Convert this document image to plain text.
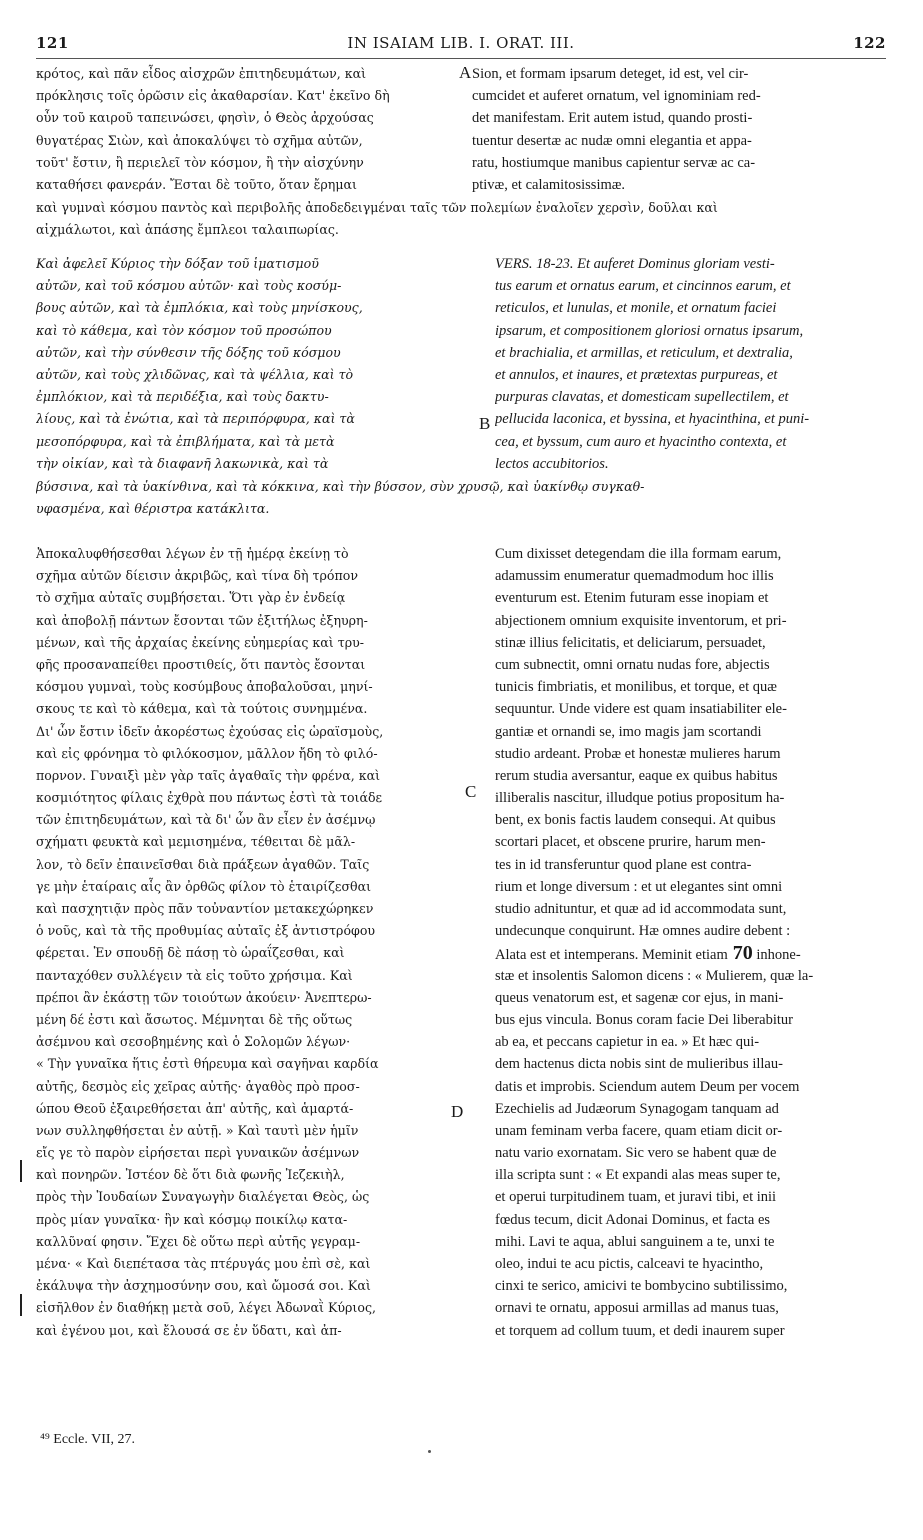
121	IN ISAIAM LIB. I. ORAT. III.	122
κρότος, καὶ πᾶν εἶδος αἰσχρῶν ἐπιτηδευμάτων, καὶ
πρόκλησις τοῖς ὁρῶσιν εἰς ἀκαθαρσίαν. Κατ' ἐκεῖνο δὴ
οὖν τοῦ καιροῦ ταπεινώσει, φησὶν, ὁ Θεὸς ἀρχούσας
θυγατέρας Σιὼν, καὶ ἀποκαλύψει τὸ σχῆμα αὐτῶν,
τοῦτ' ἔστιν, ἢ περιελεῖ τὸν κόσμον, ἢ τὴν αἰσχύνην
καταθήσει φανεράν. Ἔσται δὲ τοῦτο, ὅταν ἔρημαι
Sion, et formam ipsarum deteget, id est, vel cir-
cumcidet et auferet ornatum, vel ignominiam red-
det manifestam. Erit autem istud, quando prosti-
tuentur desertæ ac nudæ omni elegantia et appa-
ratu, hostiumque manibus capientur servæ ac ca-
ptivæ, et calamitosissimæ.
καὶ γυμναὶ κόσμου παντὸς καὶ περιβολῆς ἀποδεδειγμέναι ταῖς τῶν πολεμίων ἐναλοῖεν χερσὶν, δοῦλαι καὶ
αἰχμάλωτοι, καὶ ἁπάσης ἔμπλεοι ταλαιπωρίας.
Καὶ ἀφελεῖ Κύριος τὴν δόξαν τοῦ ἱματισμοῦ
αὐτῶν, καὶ τοῦ κόσμου αὐτῶν· καὶ τοὺς κοσύμ-
βους αὐτῶν, καὶ τὰ ἐμπλόκια, καὶ τοὺς μηνίσκους,
καὶ τὸ κάθεμα, καὶ τὸν κόσμον τοῦ προσώπου
αὐτῶν, καὶ τὴν σύνθεσιν τῆς δόξης τοῦ κόσμου
αὐτῶν, καὶ τοὺς χλιδῶνας, καὶ τὰ ψέλλια, καὶ τὸ
ἐμπλόκιον, καὶ τὰ περιδέξια, καὶ τοὺς δακτυ-
λίους, καὶ τὰ ἐνώτια, καὶ τὰ περιπόρφυρα, καὶ τὰ
μεσοπόρφυρα, καὶ τὰ ἐπιβλήματα, καὶ τὰ μετὰ
τὴν οἰκίαν, καὶ τὰ διαφανῆ λακωνικὰ, καὶ τὰ
VERS. 18-23. Et auferet Dominus gloriam vesti-
tus earum et ornatus earum, et cincinnos earum, et
reticulos, et lunulas, et monile, et ornatum faciei
ipsarum, et compositionem gloriosi ornatus ipsarum,
et brachialia, et armillas, et reticulum, et dextralia,
et annulos, et inaures, et prætextas purpureas, et
purpuras clavatas, et domesticam supellectilem, et
pellucida laconica, et byssina, et hyacinthina, et puni-
cea, et byssum, cum auro et hyacintho contexta, et
lectos accubitorios.
βύσσινα, καὶ τὰ ὑακίνθινα, καὶ τὰ κόκκινα, καὶ τὴν βύσσον, σὺν χρυσῷ, καὶ ὑακίνθῳ συγκαθ-
υφασμένα, καὶ θέριστρα κατάκλιτα.
Ἀποκαλυφθήσεσθαι λέγων ἐν τῇ ἡμέρᾳ ἐκείνῃ τὸ
σχῆμα αὐτῶν δίεισιν ἀκριβῶς, καὶ τίνα δὴ τρόπον
τὸ σχῆμα αὐταῖς συμβήσεται. Ὅτι γὰρ ἐν ἐνδείᾳ
καὶ ἀποβολῇ πάντων ἔσονται τῶν ἐξιτήλως ἐξηυρη-
μένων, καὶ τῆς ἀρχαίας ἐκείνης εὐημερίας καὶ τρυ-
φῆς προσαναπείθει προστιθείς, ὅτι παντὸς ἔσονται
κόσμου γυμναὶ, τοὺς κοσύμβους ἀποβαλοῦσαι, μηνί-
σκους τε καὶ τὸ κάθεμα, καὶ τὰ τούτοις συνημμένα.
Δι' ὧν ἔστιν ἰδεῖν ἀκορέστως ἐχούσας εἰς ὡραϊσμοὺς,
καὶ εἰς φρόνημα τὸ φιλόκοσμον, μᾶλλον ἤδη τὸ φιλό-
πορνον. Γυναιξὶ μὲν γὰρ ταῖς ἀγαθαῖς τὴν φρένα, καὶ
κοσμιότητος φίλαις ἐχθρὰ που πάντως ἐστὶ τὰ τοιάδε
τῶν ἐπιτηδευμάτων, καὶ τὰ δι' ὧν ἂν εἶεν ἐν ἀσέμνῳ
σχήματι φευκτὰ καὶ μεμισημένα, τέθειται δὲ μᾶλ-
λον, τὸ δεῖν ἐπαινεῖσθαι διὰ πράξεων ἀγαθῶν. Ταῖς
γε μὴν ἑταίραις αἷς ἂν ὀρθῶς φίλον τὸ ἑταιρίζεσθαι
καὶ πασχητιᾷν πρὸς πᾶν τοὐναντίον μετακεχώρηκεν
ὁ νοῦς, καὶ τὰ τῆς προθυμίας αὐταῖς ἐξ ἀντιστρόφου
φέρεται. Ἐν σπουδῇ δὲ πάσῃ τὸ ὡραΐζεσθαι, καὶ
πανταχόθεν συλλέγειν τὰ εἰς τοῦτο χρήσιμα. Καὶ
πρέποι ἂν ἑκάστῃ τῶν τοιούτων ἀκούειν· Ἀνεπτερω-
μένη δέ ἐστι καὶ ἄσωτος. Μέμνηται δὲ τῆς οὕτως
ἀσέμνου καὶ σεσοβημένης καὶ ὁ Σολομῶν λέγων·
« Τὴν γυναῖκα ἥτις ἐστὶ θήρευμα καὶ σαγῆναι καρδία
αὐτῆς, δεσμὸς εἰς χεῖρας αὐτῆς· ἀγαθὸς πρὸ προσ-
ώπου Θεοῦ ἐξαιρεθήσεται ἀπ' αὐτῆς, καὶ ἁμαρτά-
νων συλληφθήσεται ἐν αὐτῇ. » Καὶ ταυτὶ μὲν ἡμῖν
εἴς γε τὸ παρὸν εἰρήσεται περὶ γυναικῶν ἀσέμνων
καὶ πονηρῶν. Ἰστέον δὲ ὅτι διὰ φωνῆς Ἰεζεκιὴλ,
πρὸς τὴν Ἰουδαίων Συναγωγὴν διαλέγεται Θεὸς, ὡς
πρὸς μίαν γυναῖκα· ἣν καὶ κόσμῳ ποικίλῳ κατα-
καλλῦναί φησιν. Ἔχει δὲ οὕτω περὶ αὐτῆς γεγραμ-
μένα· « Καὶ διεπέτασα τὰς πτέρυγάς μου ἐπὶ σὲ, καὶ
ἐκάλυψα τὴν ἀσχημοσύνην σου, καὶ ὤμοσά σοι. Καὶ
εἰσῆλθον ἐν διαθήκῃ μετὰ σοῦ, λέγει Ἀδωναῒ Κύριος,
καὶ ἐγένου μοι, καὶ ἔλουσά σε ἐν ὕδατι, καὶ ἀπ-
Cum dixisset detegendam die illa formam earum,
adamussim enumeratur quemadmodum hoc illis
eventurum est. Etenim futuram esse inopiam et
abjectionem omnium exquisite inventorum, et pri-
stinæ illius felicitatis, et deliciarum, persuadet,
cum subnectit, omni ornatu nudas fore, abjectis
tunicis fimbriatis, et monilibus, et torque, et quæ
sequuntur. Unde videre est quam insatiabiliter ele-
gantiæ et ornandi se, imo magis jam scortandi
studio ardeant. Probæ et honestæ mulieres harum
rerum studia aversantur, eaque ex quibus habitus
illiberalis nascitur, illudque potius propositum ha-
bent, ex bonis factis laudem consequi. At quibus
scortari placet, et obscene prurire, harum men-
tes in id transferuntur quod plane est contra-
rium et longe diversum : et ut elegantes sint omni
studio adnituntur, et quæ ad id accommodata sunt,
undecunque conquirunt. Hæ omnes audire debent :
Alata est et intemperans. Meminit etiam 70 inhone-
stæ et insolentis Salomon dicens : « Mulierem, quæ la-
queus venatorum est, et sagenæ cor ejus, in mani-
bus ejus vincula. Bonus coram facie Dei liberabitur
ab ea, et peccans capietur in ea. » Et hæc qui-
dem hactenus dicta nobis sint de mulieribus illau-
datis et improbis. Sciendum autem Deum per vocem
Ezechielis ad Judæorum Synagogam tanquam ad
unam feminam verba facere, quam etiam dicit or-
natu vario exornatam. Sic vero se habent quæ de
illa scripta sunt : « Et expandi alas meas super te,
et operui turpitudinem tuam, et juravi tibi, et inii
fœdus tecum, dicit Adonai Dominus, et facta es
mihi. Lavi te aqua, ablui sanguinem a te, unxi te
oleo, indui te acu pictis, calceavi te hyacintho,
cinxi te serico, amicivi te bombycino subtilissimo,
ornavi te ornatu, apposui armillas ad manus tuas,
et torquem ad collum tuum, et dedi inaurem super
A
B
C
D
⁴⁹ Eccle. VII, 27.
